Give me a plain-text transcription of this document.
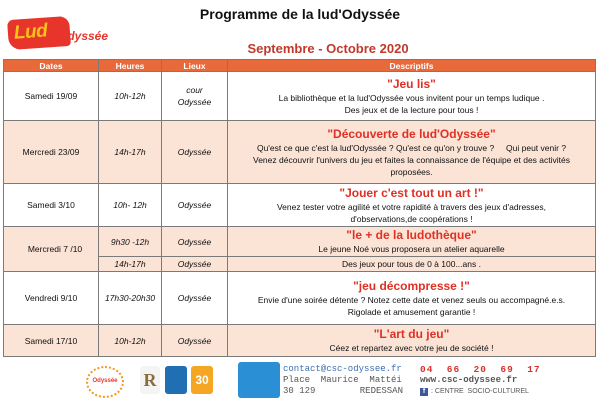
Lud Odyssée
Programme de la lud'Odyssée
Septembre - Octobre 2020
Dates	Heures	Lieux	Descriptifs
Samedi 19/09	10h-12h	cour Odyssée	"Jeu lis"
La bibliothèque et la lud'Odyssée vous invitent pour un temps ludique .
Des jeux et de la lecture pour tous !

Mercredi 23/09	14h-17h	Odyssée	"Découverte de lud'Odyssée"
Qu'est ce que c'est la lud'Odyssée ? Qu'est ce qu'on y trouve ?     Qui peut venir ?
Venez découvrir l'univers du jeu et faites la connaissance de l'équipe et des activités
proposées.

Samedi 3/10	10h- 12h	Odyssée	"Jouer c'est tout un art !"
Venez tester votre agilité et votre rapidité à travers des jeux d'adresses,
d'observations,de coopérations !

Mercredi 7 /10	9h30 -12h	Odyssée	"le + de la ludothèque"
Le jeune Noé vous proposera un atelier aquarelle

	14h-17h	Odyssée	Des jeux pour tous de 0 à 100...ans .

Vendredi 9/10	17h30-20h30	Odyssée	"jeu décompresse !"
Envie d'une soirée détente ? Notez cette date et venez seuls ou accompagné.e.s.
Rigolade et amusement garantie !

Samedi 17/10	10h-12h	Odyssée	"L'art du jeu"
Céez et repartez avec votre jeu de société !
Odyssée R	30
contact@csc-odyssee.fr
Place  Maurice  Mattéi
30 129	REDESSAN
04  66  20  69  17
www.csc-odyssee.fr
f : CENTRE  SOCIO-CULTUREL
